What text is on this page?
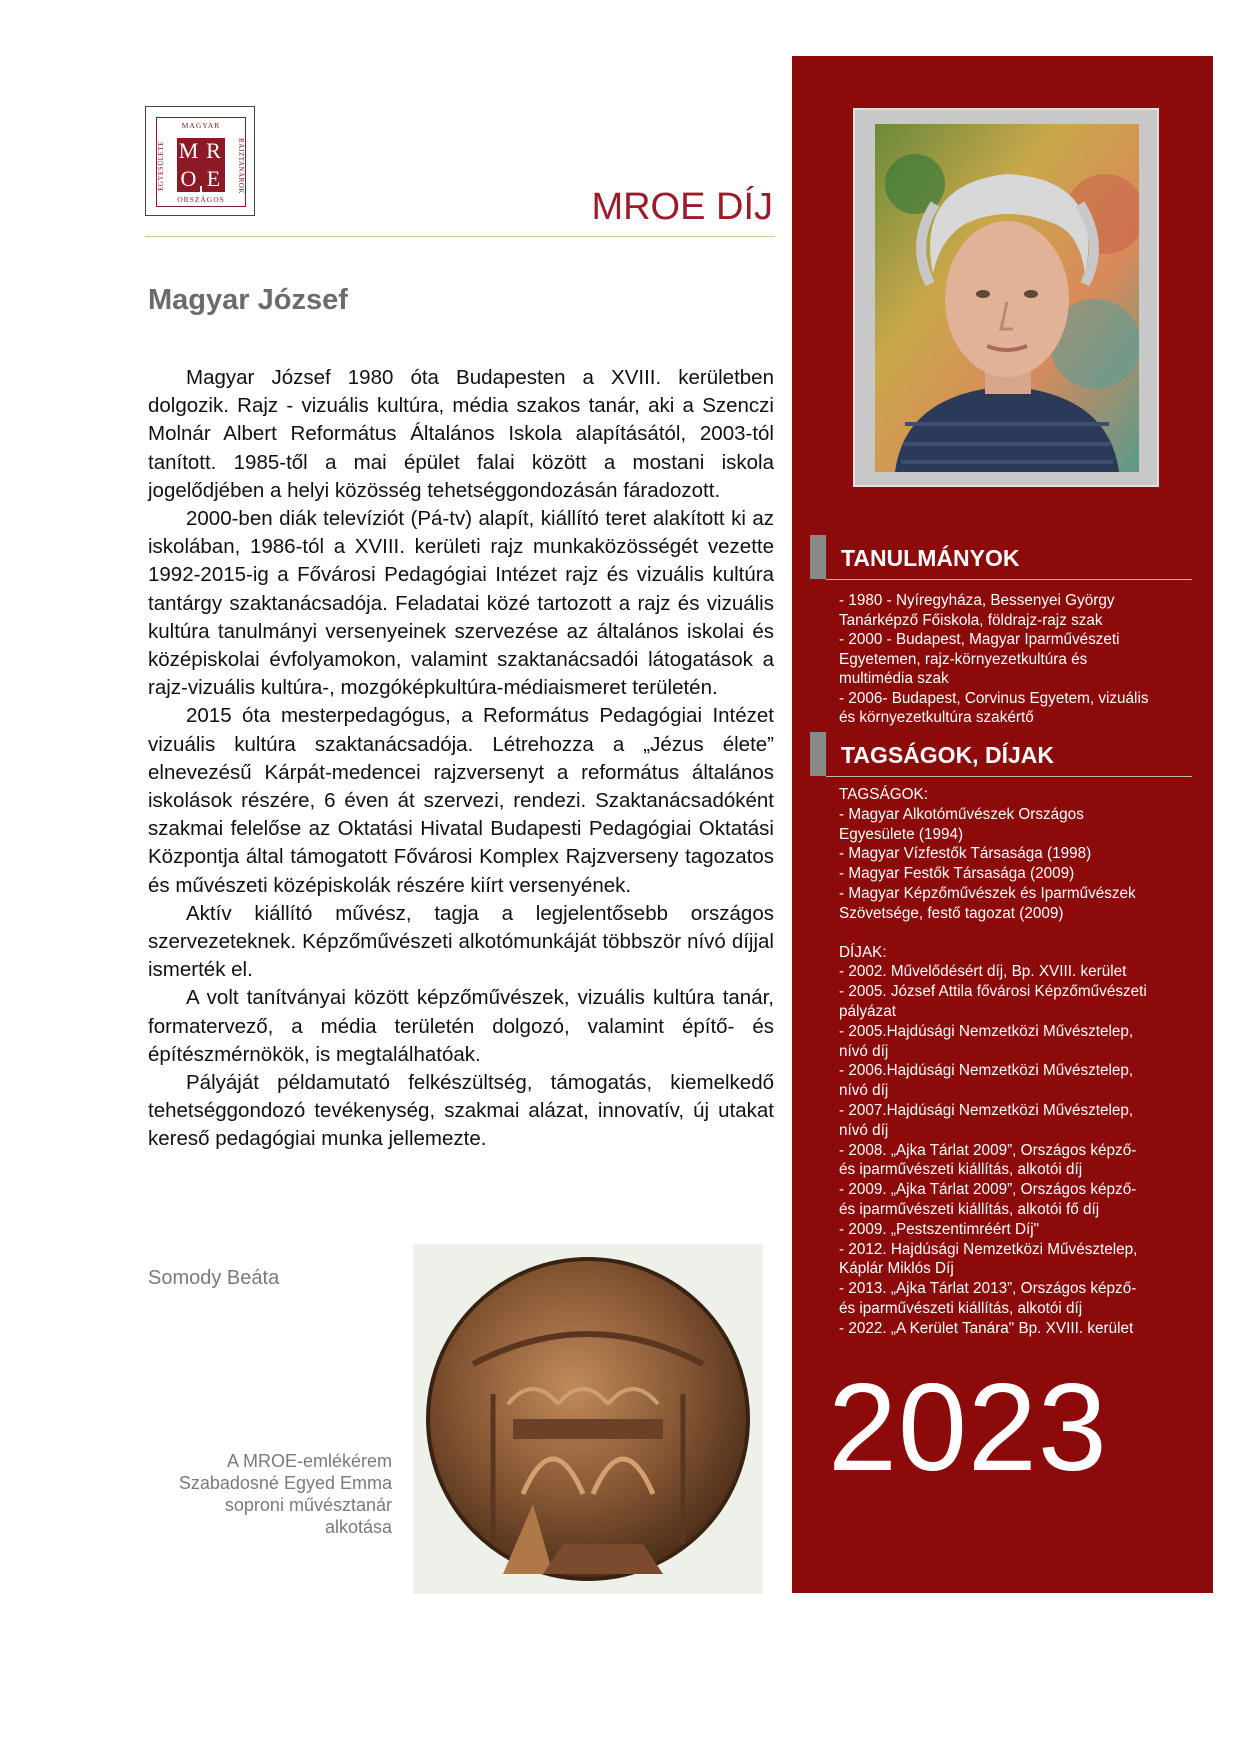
MAGYAR
EGYESÜLETE	RAJZTANÁROK
M R
O E
ORSZÁGOS	MROE DÍJ
Magyar József

Magyar József 1980 óta Budapesten a XVIII. kerületben dolgozik. Rajz - vizuális kultúra, média szakos tanár, aki a Szenczi Molnár Albert Református Általános Iskola alapításától, 2003-tól tanított. 1985-től a mai épület falai között a mostani iskola jogelődjében a helyi közösség tehetséggondozásán fáradozott.

2000-ben diák televíziót (Pá-tv) alapít, kiállító teret alakított ki az iskolában, 1986-tól a XVIII. kerületi rajz munkaközösségét vezette 1992-2015-ig a Fővárosi Pedagógiai Intézet rajz és vizuális kultúra tantárgy szaktanácsadója. Feladatai közé tartozott a rajz és vizuális kultúra tanulmányi versenyeinek szervezése az általános iskolai és középiskolai évfolyamokon, valamint szaktanácsadói látogatások a rajz-vizuális kultúra-, mozgóképkultúra-médiaismeret területén.

2015 óta mesterpedagógus, a Református Pedagógiai Intézet vizuális kultúra szaktanácsadója. Létrehozza a „Jézus élete” elnevezésű Kárpát-medencei rajzversenyt a református általános iskolások részére, 6 éven át szervezi, rendezi. Szaktanácsadóként szakmai felelőse az Oktatási Hivatal Budapesti Pedagógiai Oktatási Központja által támogatott Fővárosi Komplex Rajzverseny tagozatos és művészeti középiskolák részére kiírt versenyének.

Aktív kiállító művész, tagja a legjelentősebb országos szervezeteknek. Képzőművészeti alkotómunkáját többször nívó díjjal ismerték el.

A volt tanítványai között képzőművészek, vizuális kultúra tanár, formatervező, a média területén dolgozó, valamint építő- és építészmérnökök, is megtalálhatóak.

Pályáját példamutató felkészültség, támogatás, kiemelkedő tehetséggondozó tevékenység, szakmai alázat, innovatív, új utakat kereső pedagógiai munka jellemezte.

Somody Beáta
A MROE-emlékérem
Szabadosné Egyed Emma
soproni művésztanár
alkotása
TANULMÁNYOK
- 1980 - Nyíregyháza, Bessenyei György
Tanárképző Főiskola, földrajz-rajz szak
- 2000 - Budapest, Magyar Iparművészeti
Egyetemen, rajz-környezetkultúra és
multimédia szak
- 2006- Budapest, Corvinus Egyetem, vizuális
és környezetkultúra szakértő
TAGSÁGOK, DÍJAK
TAGSÁGOK:
- Magyar Alkotóművészek Országos
Egyesülete (1994)
- Magyar Vízfestők Társasága (1998)
- Magyar Festők Társasága (2009)
- Magyar Képzőművészek és Iparművészek
Szövetsége, festő tagozat (2009)
DÍJAK:
- 2002. Művelődésért díj, Bp. XVIII. kerület
- 2005. József Attila fővárosi Képzőművészeti
pályázat
- 2005.Hajdúsági Nemzetközi Művésztelep,
nívó díj
- 2006.Hajdúsági Nemzetközi Művésztelep,
nívó díj
- 2007.Hajdúsági Nemzetközi Művésztelep,
nívó díj
- 2008. „Ajka Tárlat 2009”, Országos képző-
és iparművészeti kiállítás, alkotói díj
- 2009. „Ajka Tárlat 2009”, Országos képző-
és iparművészeti kiállítás, alkotói fő díj
- 2009. „Pestszentimréért Díj"
- 2012. Hajdúsági Nemzetközi Művésztelep,
Káplár Miklós Díj
- 2013. „Ajka Tárlat 2013”, Országos képző-
és iparművészeti kiállítás, alkotói díj
- 2022. „A Kerület Tanára" Bp. XVIII. kerület
2023
